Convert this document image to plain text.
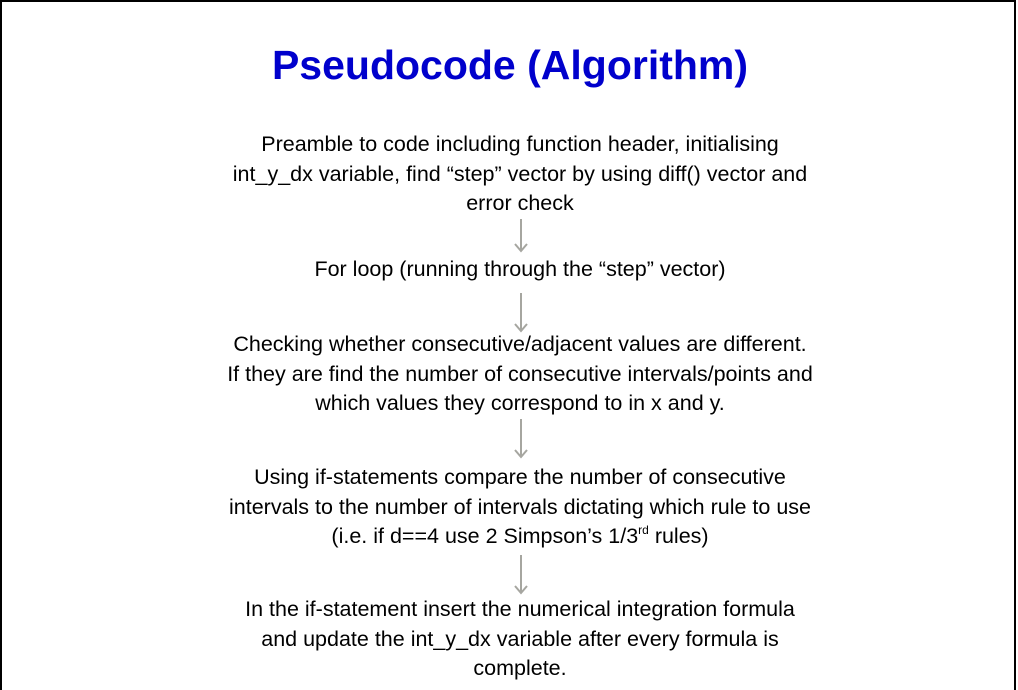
Pseudocode (Algorithm)
Preamble to code including function header, initialising
int_y_dx variable, find “step” vector by using diff() vector and
error check
For loop (running through the “step” vector)
Checking whether consecutive/adjacent values are different.
If they are find the number of consecutive intervals/points and
which values they correspond to in x and y.
Using if-statements compare the number of consecutive
intervals to the number of intervals dictating which rule to use
(i.e. if d==4 use 2 Simpson’s 1/3rd rules)
In the if-statement insert the numerical integration formula
and update the int_y_dx variable after every formula is
complete.
